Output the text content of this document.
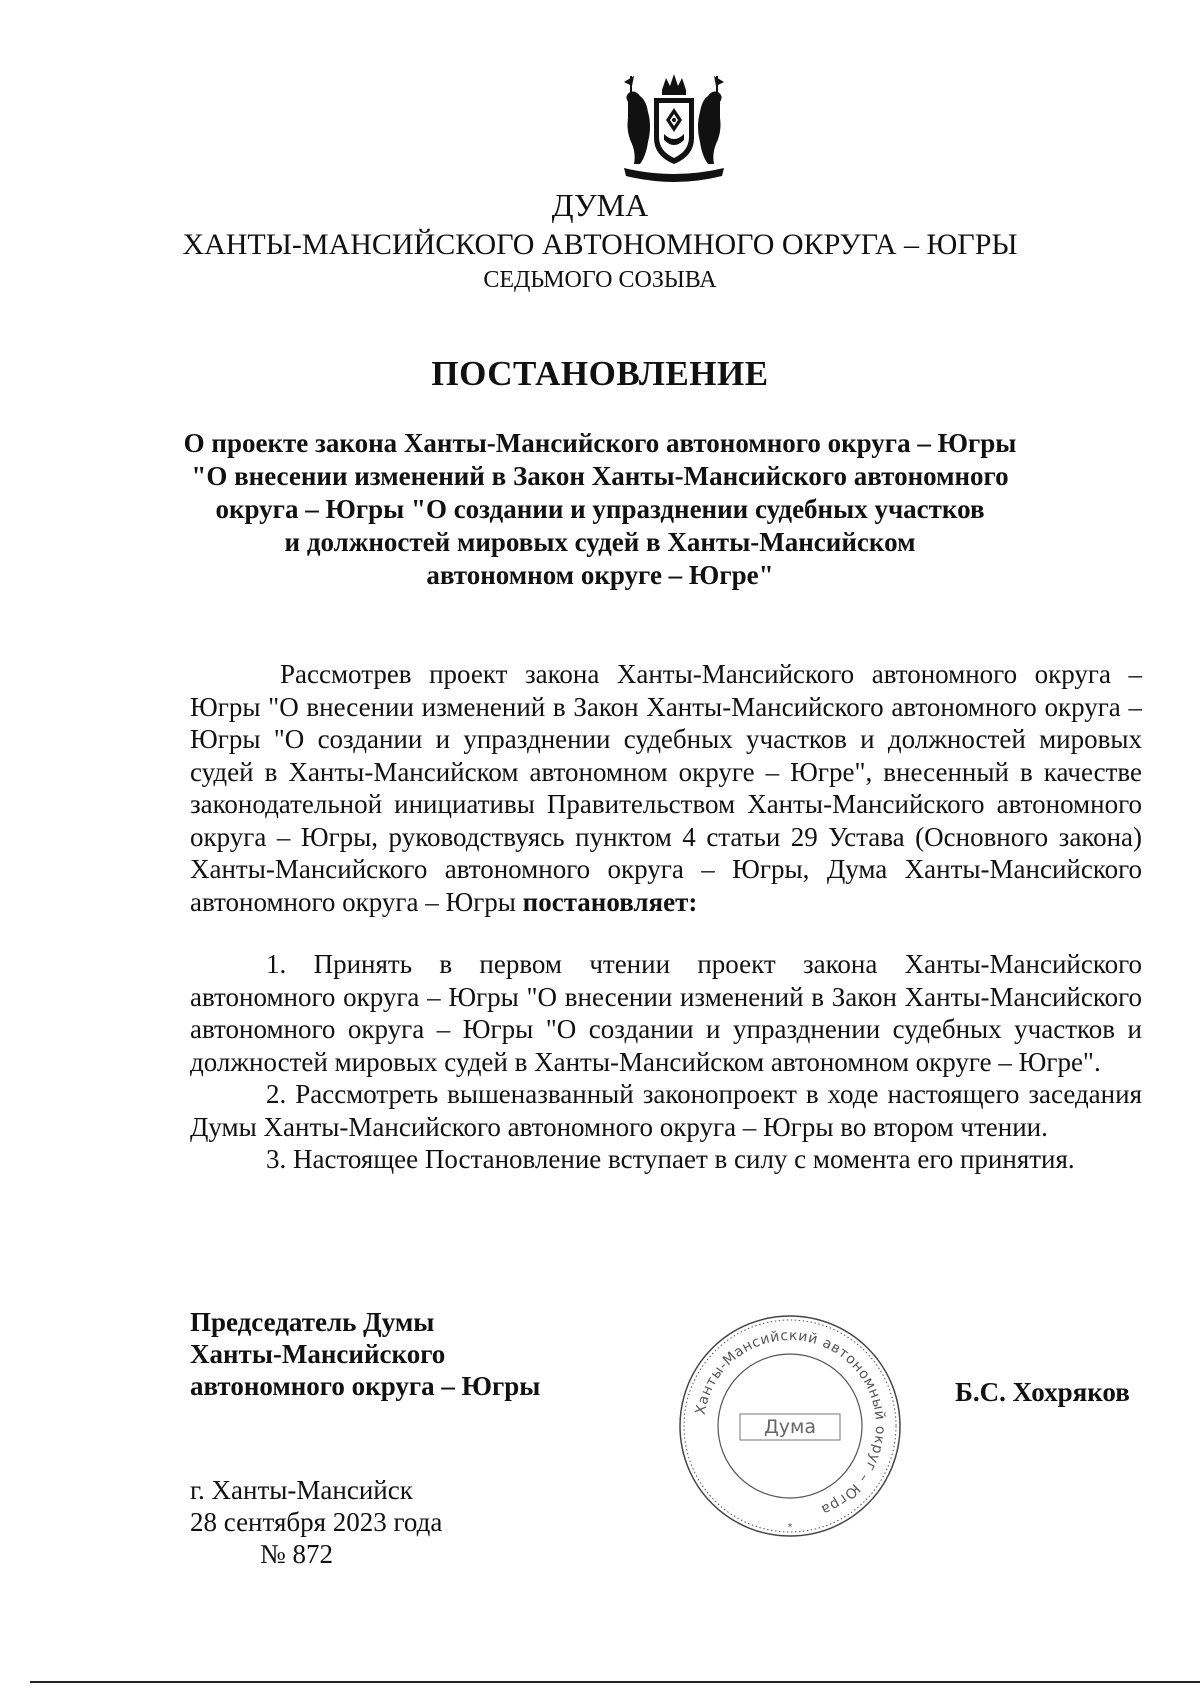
ДУМА
ХАНТЫ-МАНСИЙСКОГО АВТОНОМНОГО ОКРУГА – ЮГРЫ
СЕДЬМОГО СОЗЫВА
ПОСТАНОВЛЕНИЕ
О проекте закона Ханты-Мансийского автономного округа – Югры
"О внесении изменений в Закон Ханты-Мансийского автономного
округа – Югры "О создании и упразднении судебных участков
и должностей мировых судей в Ханты-Мансийском
автономном округе – Югре"

Рассмотрев проект закона Ханты-Мансийского автономного округа – Югры "О внесении изменений в Закон Ханты-Мансийского автономного округа – Югры "О создании и упразднении судебных участков и должностей мировых судей в Ханты-Мансийском автономном округе – Югре", внесенный в качестве законодательной инициативы Правительством Ханты-Мансийского автономного округа – Югры, руководствуясь пунктом 4 статьи 29 Устава (Основного закона) Ханты-Мансийского автономного округа – Югры, Дума Ханты-Мансийского автономного округа – Югры постановляет:

1. Принять в первом чтении проект закона Ханты-Мансийского автономного округа – Югры "О внесении изменений в Закон Ханты-Мансийского автономного округа – Югры "О создании и упразднении судебных участков и должностей мировых судей в Ханты-Мансийском автономном округе – Югре".

2. Рассмотреть вышеназванный законопроект в ходе настоящего заседания Думы Ханты-Мансийского автономного округа – Югры во втором чтении.

3. Настоящее Постановление вступает в силу с момента его принятия.

Председатель Думы
Ханты-Мансийского
автономного округа – Югры
Ханты-Мансийский автономный округ – Югра
Дума
*
Б.С. Хохряков
г. Ханты-Мансийск
28 сентября 2023 года
№ 872
